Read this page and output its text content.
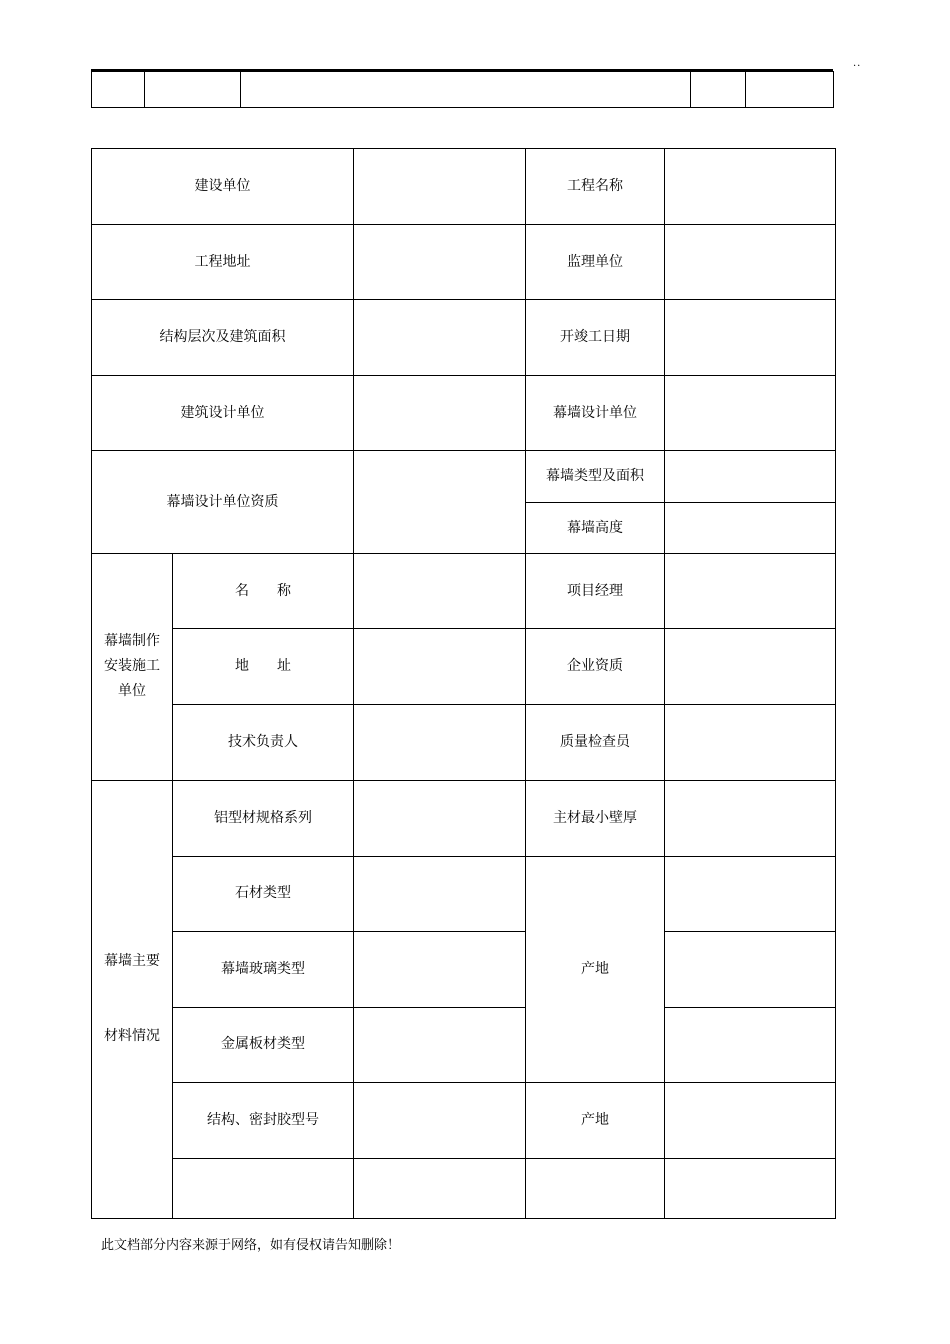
..

建设单位			工程名称	
工程地址			监理单位	
结构层次及建筑面积			开竣工日期	
建筑设计单位			幕墙设计单位	
幕墙设计单位资质			幕墙类型及面积	
			幕墙高度	

幕墙制作
安装施工
单位	名　　称		项目经理	
	地　　址		企业资质	
	技术负责人		质量检查员	

幕墙主要
材料情况	铝型材规格系列		主材最小壁厚	
	石材类型		产地	
	幕墙玻璃类型			
	金属板材类型			
	结构、密封胶型号		产地	

此文档部分内容来源于网络，如有侵权请告知删除！
